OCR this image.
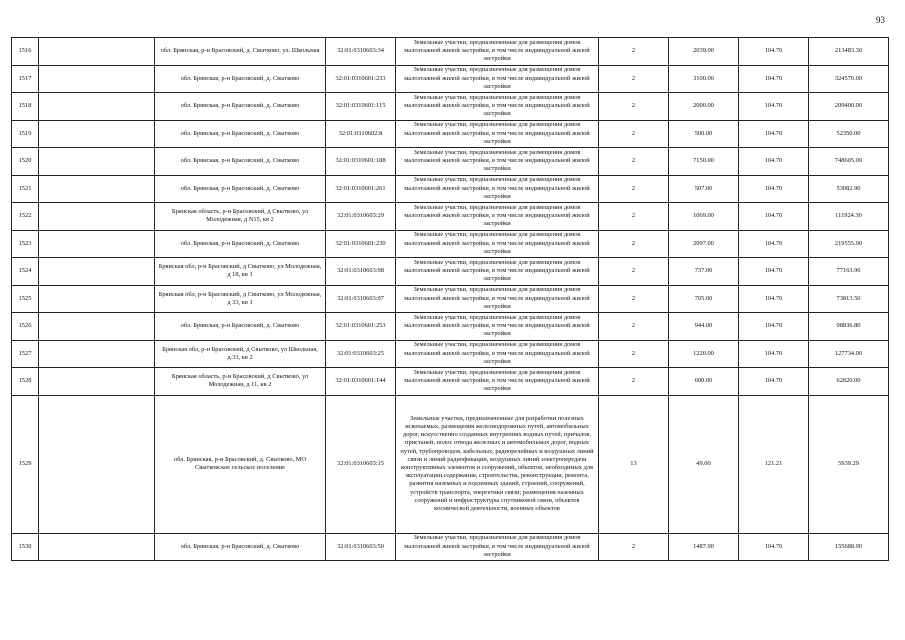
93
1516		обл. Брянская, р-н Брасовский, д. Свытково, ул. Школьная	32:01:0310603:34	Земельные участки, предназначенные для размещения домов малоэтажной жилой застройки, в том числе индивидуальной жилой застройки	2	2039.00	104.70	213483.30
1517		обл. Брянская, р-н Брасовский, д. Свытково	32:01:0310601:233	Земельные участки, предназначенные для размещения домов малоэтажной жилой застройки, в том числе индивидуальной жилой застройки	2	3100.00	104.70	324570.00
1518		обл. Брянская, р-н Брасовский, д. Свытково	32:01:0310601:115	Земельные участки, предназначенные для размещения домов малоэтажной жилой застройки, в том числе индивидуальной жилой застройки	2	2000.00	104.70	209400.00
1519		обл. Брянская, р-н Брасовский, д. Свытково	32:01:0310602:8	Земельные участки, предназначенные для размещения домов малоэтажной жилой застройки, в том числе индивидуальной жилой застройки	2	500.00	104.70	52350.00
1520		обл. Брянская, р-н Брасовский, д. Свытково	32:01:0310601:188	Земельные участки, предназначенные для размещения домов малоэтажной жилой застройки, в том числе индивидуальной жилой застройки	2	7150.00	104.70	748605.00
1521		обл. Брянская, р-н Брасовский, д. Свытково	32:01:0310601:261	Земельные участки, предназначенные для размещения домов малоэтажной жилой застройки, в том числе индивидуальной жилой застройки	2	507.00	104.70	53082.90
1522		Брянская область, р-н Брасовский, д Свытково, ул Молодежная, д N15, кв 2	32:01:0310603:29	Земельные участки, предназначенные для размещения домов малоэтажной жилой застройки, в том числе индивидуальной жилой застройки	2	1069.00	104.70	111924.30
1523		обл. Брянская, р-н Брасовский, д. Свытково	32:01:0310601:230	Земельные участки, предназначенные для размещения домов малоэтажной жилой застройки, в том числе индивидуальной жилой застройки	2	2097.00	104.70	219555.90
1524		Брянская обл, р-н Брасовский, д Свытково, ул Молодежная, д 18, кв 1	32:01:0310603:98	Земельные участки, предназначенные для размещения домов малоэтажной жилой застройки, в том числе индивидуальной жилой застройки	2	737.00	104.70	77163.90
1525		Брянская обл, р-н Брасовский, д Свытково, ул Молодежная, д 33, кв 1	32:01:0310603:97	Земельные участки, предназначенные для размещения домов малоэтажной жилой застройки, в том числе индивидуальной жилой застройки	2	705.00	104.70	73813.50
1526		обл. Брянская, р-н Брасовский, д. Свытково	32:01:0310601:253	Земельные участки, предназначенные для размещения домов малоэтажной жилой застройки, в том числе индивидуальной жилой застройки	2	944.00	104.70	98836.80
1527		Брянская обл, р-н Брасовский, д Свытково, ул Школьная, д.33, кв 2	32:01:0310603:25	Земельные участки, предназначенные для размещения домов малоэтажной жилой застройки, в том числе индивидуальной жилой застройки	2	1220.00	104.70	127734.00
1528		Брянская область, р-н Брасовский, д Свытково, ул Молодежная, д 11, кв 2	32:01:0310601:144	Земельные участки, предназначенные для размещения домов малоэтажной жилой застройки, в том числе индивидуальной жилой застройки	2	600.00	104.70	62820.00
1529		обл. Брянская, р-н Брасовский, д. Свытково, МО Свытковское сельское поселение	32:01:0310603:15	Земельные участки, предназначенные для разработки полезных ископаемых, размещения железнодорожных путей, автомобильных дорог, искусственно созданных внутренних водных путей, причалов, пристаней, полос отвода железных и автомобильных дорог, водных путей, трубопроводов, кабельных, радиорелейных и воздушных линий связи и линий радиофикации, воздушных линий электропередачи конструктивных элементов и сооружений, объектов, необходимых для эксплуатации,содержания, строительства, реконструкции, ремонта, развития наземных и подземных зданий, строений, сооружений, устройств транспорта, энергетики связи; размещения наземных сооружений и инфраструктуры спутниковой связи, объектов космической деятельности, военных объектов	13	49.00	121.21	5939.29
1530		обл. Брянская, р-н Брасовский, д. Свытково	32:01:0310603:50	Земельные участки, предназначенные для размещения домов малоэтажной жилой застройки, в том числе индивидуальной жилой застройки	2	1487.00	104.70	155688.90
